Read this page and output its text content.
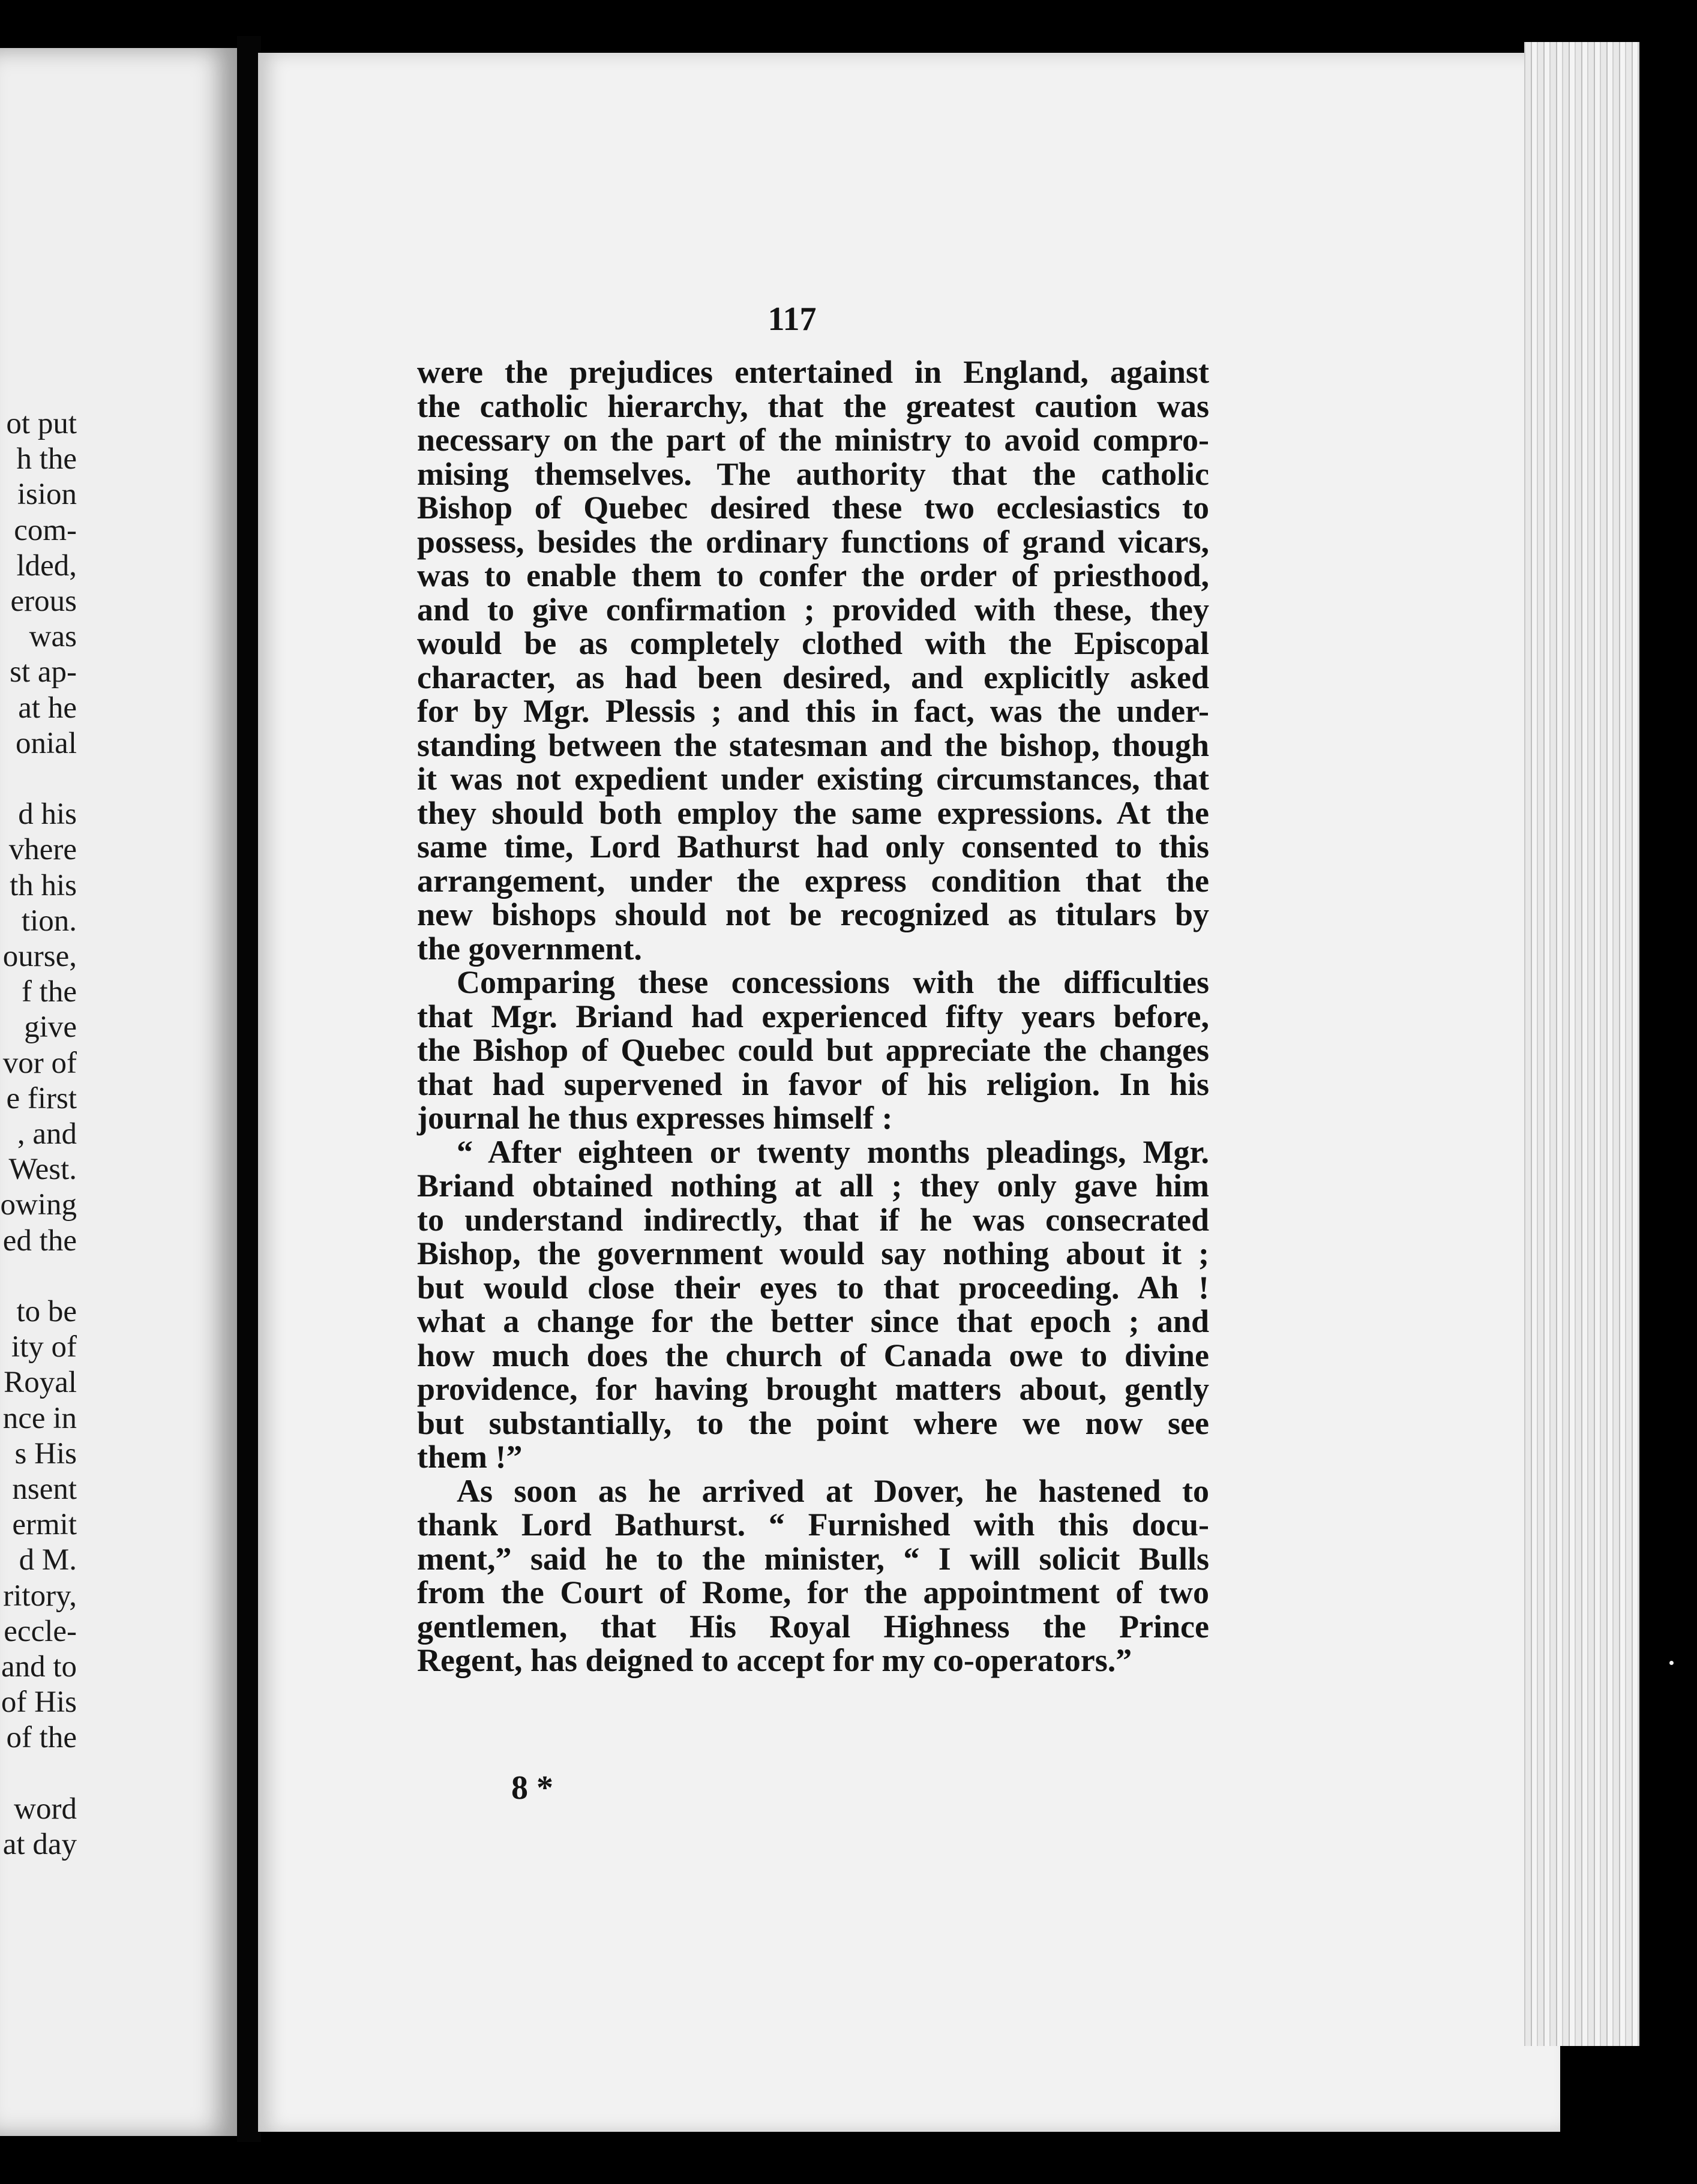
ot put
h the
ision
com-
lded,
erous
was
st ap-
at he
onial
d his
vhere
th his
tion.
ourse,
f the
give
vor of
e first
, and
West.
owing
ed the
to be
ity of
Royal
nce in
s His
nsent
ermit
d M.
ritory,
eccle-
and to
of His
of the
word
at day
117
were the prejudices entertained in England, against
the catholic hierarchy, that the greatest caution was
necessary on the part of the ministry to avoid compro-
mising themselves. The authority that the catholic
Bishop of Quebec desired these two ecclesiastics to
possess, besides the ordinary functions of grand vicars,
was to enable them to confer the order of priesthood,
and to give confirmation ; provided with these, they
would be as completely clothed with the Episcopal
character, as had been desired, and explicitly asked
for by Mgr. Plessis ; and this in fact, was the under-
standing between the statesman and the bishop, though
it was not expedient under existing circumstances, that
they should both employ the same expressions. At the
same time, Lord Bathurst had only consented to this
arrangement, under the express condition that the
new bishops should not be recognized as titulars by
the government.
Comparing these concessions with the difficulties
that Mgr. Briand had experienced fifty years before,
the Bishop of Quebec could but appreciate the changes
that had supervened in favor of his religion. In his
journal he thus expresses himself :
“ After eighteen or twenty months pleadings, Mgr.
Briand obtained nothing at all ; they only gave him
to understand indirectly, that if he was consecrated
Bishop, the government would say nothing about it ;
but would close their eyes to that proceeding. Ah !
what a change for the better since that epoch ; and
how much does the church of Canada owe to divine
providence, for having brought matters about, gently
but substantially, to the point where we now see
them !”
As soon as he arrived at Dover, he hastened to
thank Lord Bathurst. “ Furnished with this docu-
ment,” said he to the minister, “ I will solicit Bulls
from the Court of Rome, for the appointment of two
gentlemen, that His Royal Highness the Prince
Regent, has deigned to accept for my co-operators.”
8 *
